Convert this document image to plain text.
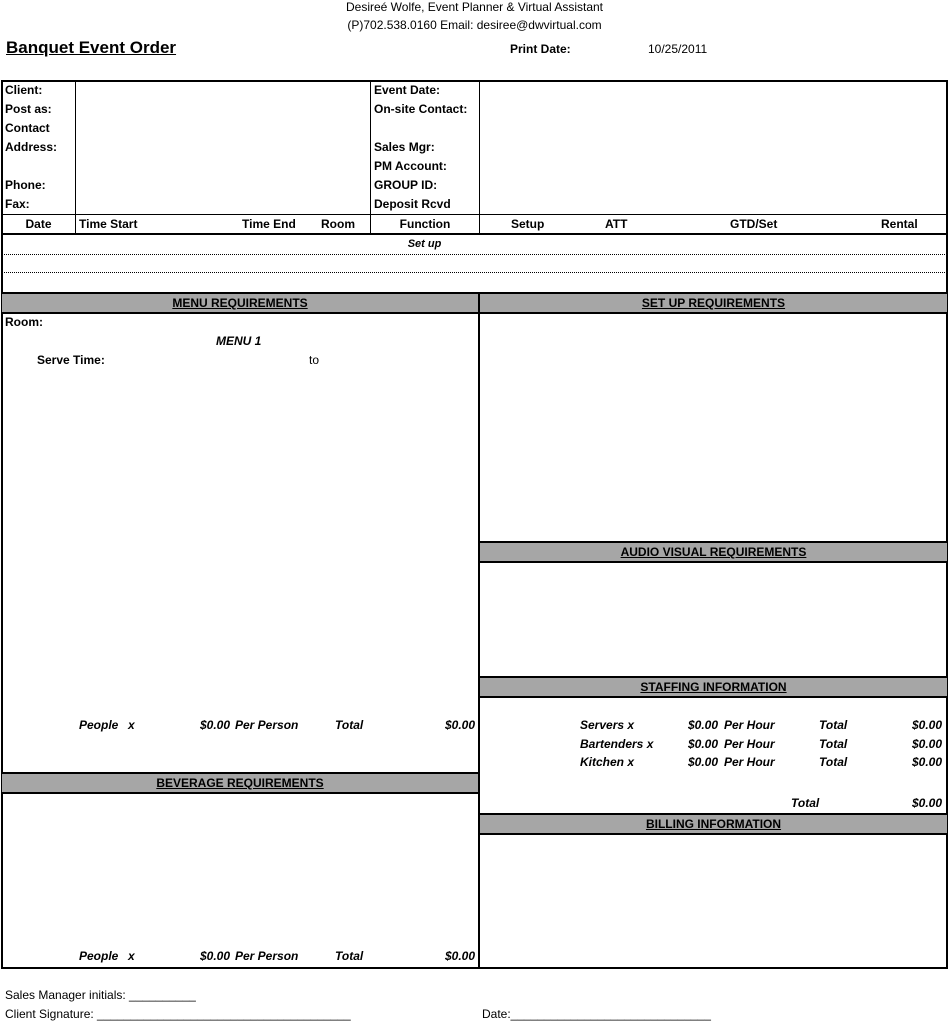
Desireé Wolfe, Event Planner & Virtual Assistant
(P)702.538.0160 Email: desiree@dwvirtual.com
Banquet Event Order	Print Date:	10/25/2011
Client:
Post as:
Contact
Address:
Phone:
Fax:
Event Date:
On-site Contact:
Sales Mgr:
PM Account:
GROUP ID:
Deposit Rcvd
Date	Time Start	Time End Room	Function	Setup	ATT	GTD/Set	Rental
Set up
MENU REQUIREMENTS
Room:
MENU 1
Serve Time:	to
People x	$0.00 Per Person	Total	$0.00
BEVERAGE REQUIREMENTS
People x	$0.00 Per Person	Total	$0.00
SET UP REQUIREMENTS
AUDIO VISUAL REQUIREMENTS
STAFFING INFORMATION
Servers x	$0.00 Per Hour	Total	$0.00
Bartenders x	$0.00 Per Hour	Total	$0.00
Kitchen x	$0.00 Per Hour	Total	$0.00
Total	$0.00
BILLING INFORMATION
Sales Manager initials: __________
Client Signature: ______________________________________	Date:______________________________
